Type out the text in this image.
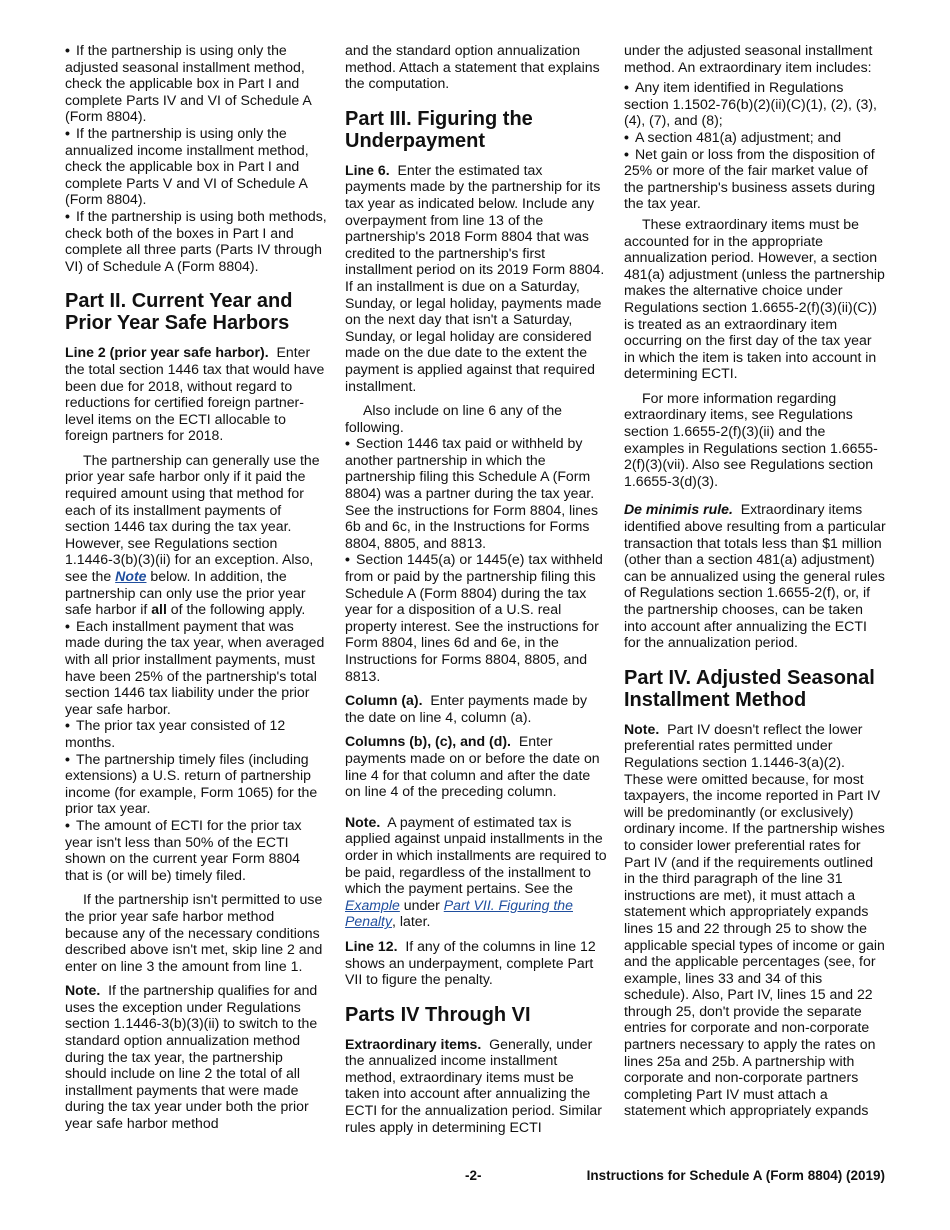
• If the partnership is using only the adjusted seasonal installment method, check the applicable box in Part I and complete Parts IV and VI of Schedule A (Form 8804).

• If the partnership is using only the annualized income installment method, check the applicable box in Part I and complete Parts V and VI of Schedule A (Form 8804).

• If the partnership is using both methods, check both of the boxes in Part I and complete all three parts (Parts IV through VI) of Schedule A (Form 8804).

Part II. Current Year and Prior Year Safe Harbors

Line 2 (prior year safe harbor). Enter the total section 1446 tax that would have been due for 2018, without regard to reductions for certified foreign partner-level items on the ECTI allocable to foreign partners for 2018.

The partnership can generally use the prior year safe harbor only if it paid the required amount using that method for each of its installment payments of section 1446 tax during the tax year. However, see Regulations section 1.1446-3(b)(3)(ii) for an exception. Also, see the Note below. In addition, the partnership can only use the prior year safe harbor if all of the following apply.

• Each installment payment that was made during the tax year, when averaged with all prior installment payments, must have been 25% of the partnership's total section 1446 tax liability under the prior year safe harbor.

• The prior tax year consisted of 12 months.

• The partnership timely files (including extensions) a U.S. return of partnership income (for example, Form 1065) for the prior tax year.

• The amount of ECTI for the prior tax year isn't less than 50% of the ECTI shown on the current year Form 8804 that is (or will be) timely filed.

If the partnership isn't permitted to use the prior year safe harbor method because any of the necessary conditions described above isn't met, skip line 2 and enter on line 3 the amount from line 1.

Note. If the partnership qualifies for and uses the exception under Regulations section 1.1446-3(b)(3)(ii) to switch to the standard option annualization method during the tax year, the partnership should include on line 2 the total of all installment payments that were made during the tax year under both the prior year safe harbor method

and the standard option annualization method. Attach a statement that explains the computation.

Part III. Figuring the Underpayment

Line 6. Enter the estimated tax payments made by the partnership for its tax year as indicated below. Include any overpayment from line 13 of the partnership's 2018 Form 8804 that was credited to the partnership's first installment period on its 2019 Form 8804. If an installment is due on a Saturday, Sunday, or legal holiday, payments made on the next day that isn't a Saturday, Sunday, or legal holiday are considered made on the due date to the extent the payment is applied against that required installment.

Also include on line 6 any of the following.

• Section 1446 tax paid or withheld by another partnership in which the partnership filing this Schedule A (Form 8804) was a partner during the tax year. See the instructions for Form 8804, lines 6b and 6c, in the Instructions for Forms 8804, 8805, and 8813.

• Section 1445(a) or 1445(e) tax withheld from or paid by the partnership filing this Schedule A (Form 8804) during the tax year for a disposition of a U.S. real property interest. See the instructions for Form 8804, lines 6d and 6e, in the Instructions for Forms 8804, 8805, and 8813.

Column (a). Enter payments made by the date on line 4, column (a).

Columns (b), (c), and (d). Enter payments made on or before the date on line 4 for that column and after the date on line 4 of the preceding column.

Note. A payment of estimated tax is applied against unpaid installments in the order in which installments are required to be paid, regardless of the installment to which the payment pertains. See the Example under Part VII. Figuring the Penalty, later.

Line 12. If any of the columns in line 12 shows an underpayment, complete Part VII to figure the penalty.

Parts IV Through VI

Extraordinary items. Generally, under the annualized income installment method, extraordinary items must be taken into account after annualizing the ECTI for the annualization period. Similar rules apply in determining ECTI

under the adjusted seasonal installment method. An extraordinary item includes:

• Any item identified in Regulations section 1.1502-76(b)(2)(ii)(C)(1), (2), (3), (4), (7), and (8);

• A section 481(a) adjustment; and

• Net gain or loss from the disposition of 25% or more of the fair market value of the partnership's business assets during the tax year.

These extraordinary items must be accounted for in the appropriate annualization period. However, a section 481(a) adjustment (unless the partnership makes the alternative choice under Regulations section 1.6655-2(f)(3)(ii)(C)) is treated as an extraordinary item occurring on the first day of the tax year in which the item is taken into account in determining ECTI.

For more information regarding extraordinary items, see Regulations section 1.6655-2(f)(3)(ii) and the examples in Regulations section 1.6655-2(f)(3)(vii). Also see Regulations section 1.6655-3(d)(3).

De minimis rule. Extraordinary items identified above resulting from a particular transaction that totals less than $1 million (other than a section 481(a) adjustment) can be annualized using the general rules of Regulations section 1.6655-2(f), or, if the partnership chooses, can be taken into account after annualizing the ECTI for the annualization period.

Part IV. Adjusted Seasonal Installment Method

Note. Part IV doesn't reflect the lower preferential rates permitted under Regulations section 1.1446-3(a)(2). These were omitted because, for most taxpayers, the income reported in Part IV will be predominantly (or exclusively) ordinary income. If the partnership wishes to consider lower preferential rates for Part IV (and if the requirements outlined in the third paragraph of the line 31 instructions are met), it must attach a statement which appropriately expands lines 15 and 22 through 25 to show the applicable special types of income or gain and the applicable percentages (see, for example, lines 33 and 34 of this schedule). Also, Part IV, lines 15 and 22 through 25, don't provide the separate entries for corporate and non-corporate partners necessary to apply the rates on lines 25a and 25b. A partnership with corporate and non-corporate partners completing Part IV must attach a statement which appropriately expands

-2-	Instructions for Schedule A (Form 8804) (2019)
